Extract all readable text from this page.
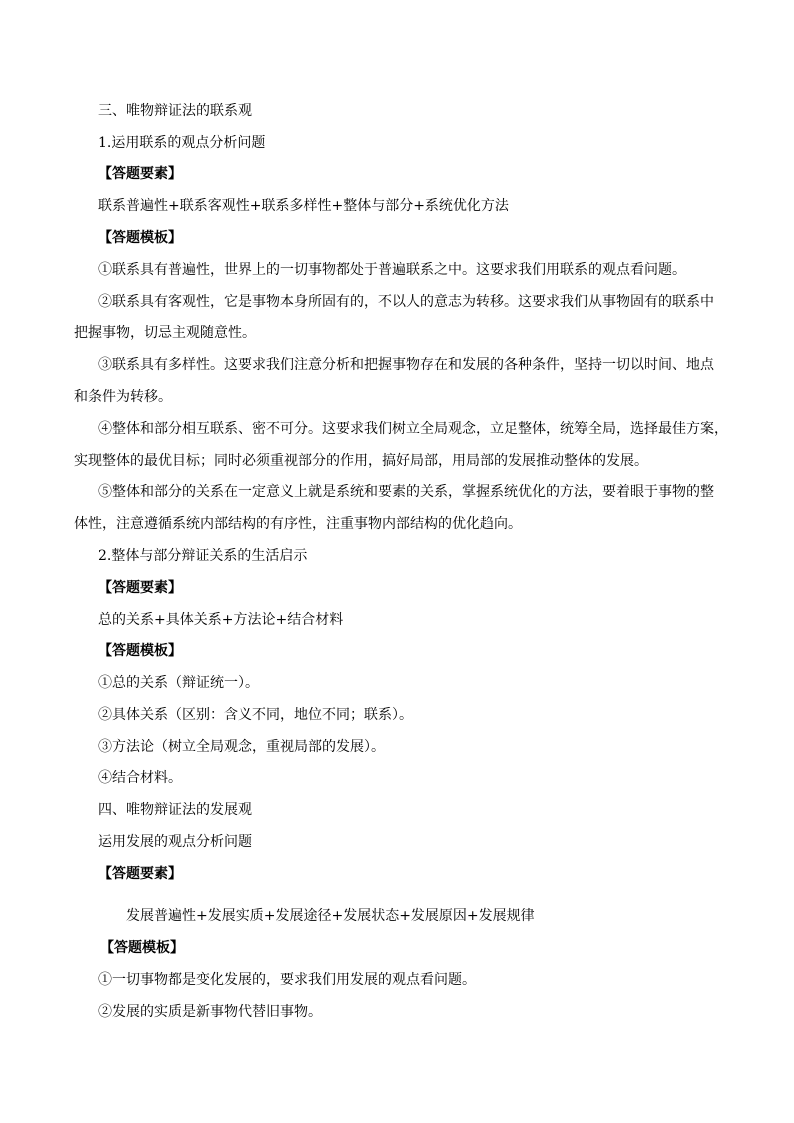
三、唯物辩证法的联系观
1.运用联系的观点分析问题
【答题要素】
联系普遍性+联系客观性+联系多样性+整体与部分+系统优化方法
【答题模板】
①联系具有普遍性，世界上的一切事物都处于普遍联系之中。这要求我们用联系的观点看问题。
②联系具有客观性，它是事物本身所固有的，不以人的意志为转移。这要求我们从事物固有的联系中
把握事物，切忌主观随意性。
③联系具有多样性。这要求我们注意分析和把握事物存在和发展的各种条件，坚持一切以时间、地点
和条件为转移。
④整体和部分相互联系、密不可分。这要求我们树立全局观念，立足整体，统筹全局，选择最佳方案，
实现整体的最优目标；同时必须重视部分的作用，搞好局部，用局部的发展推动整体的发展。
⑤整体和部分的关系在一定意义上就是系统和要素的关系，掌握系统优化的方法，要着眼于事物的整
体性，注意遵循系统内部结构的有序性，注重事物内部结构的优化趋向。
2.整体与部分辩证关系的生活启示
【答题要素】
总的关系+具体关系+方法论+结合材料
【答题模板】
①总的关系（辩证统一）。
②具体关系（区别：含义不同，地位不同；联系）。
③方法论（树立全局观念，重视局部的发展）。
④结合材料。
四、唯物辩证法的发展观
运用发展的观点分析问题
【答题要素】
发展普遍性+发展实质+发展途径+发展状态+发展原因+发展规律
【答题模板】
①一切事物都是变化发展的，要求我们用发展的观点看问题。
②发展的实质是新事物代替旧事物。
